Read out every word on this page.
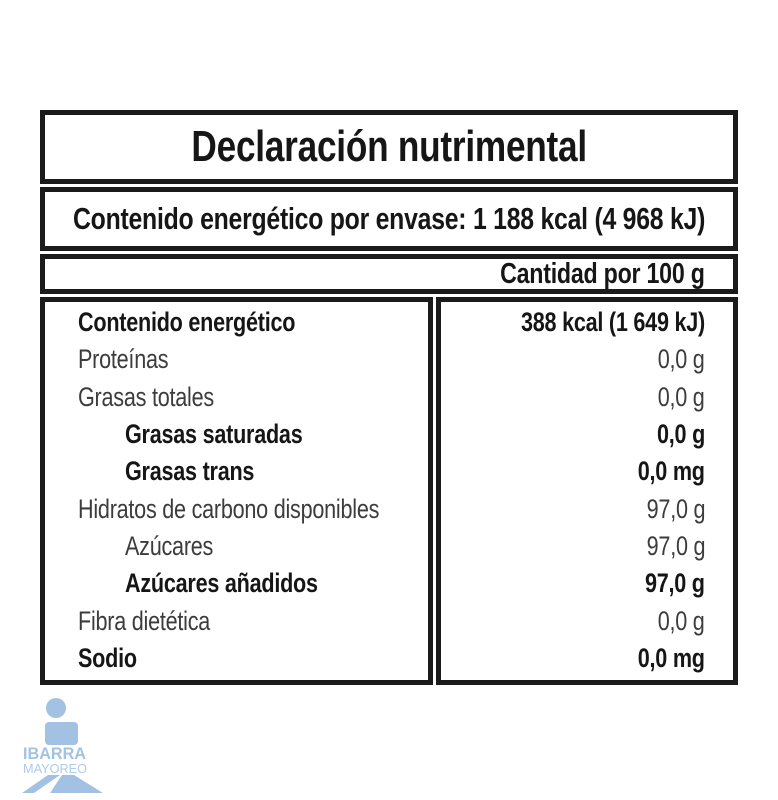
Declaración nutrimental
Contenido energético por envase: 1 188 kcal (4 968 kJ)
Cantidad por 100 g
Contenido energético
Proteínas
Grasas totales
Grasas saturadas
Grasas trans
Hidratos de carbono disponibles
Azúcares
Azúcares añadidos
Fibra dietética
Sodio
388 kcal (1 649 kJ)
0,0 g
0,0 g
0,0 g
0,0 mg
97,0 g
97,0 g
97,0 g
0,0 g
0,0 mg
IBARRA
MAYOREO
